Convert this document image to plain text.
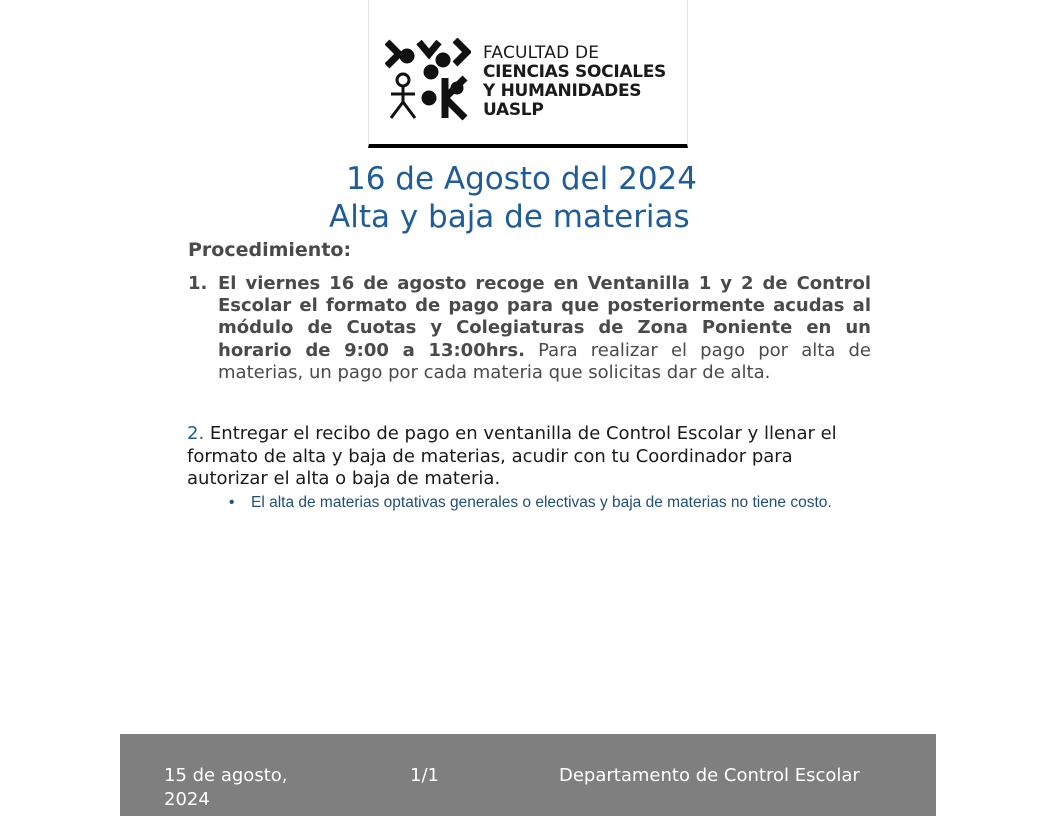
FACULTAD DE
CIENCIAS SOCIALES
Y HUMANIDADES
UASLP
16 de Agosto del 2024
Alta y baja de materias
Procedimiento:
1. El viernes 16 de agosto recoge en Ventanilla 1 y 2 de Control Escolar el formato de pago para que posteriormente acudas al módulo de Cuotas y Colegiaturas de Zona Poniente en un horario de 9:00 a 13:00hrs. Para realizar el pago por alta de materias, un pago por cada materia que solicitas dar de alta.
2. Entregar el recibo de pago en ventanilla de Control Escolar y llenar el formato de alta y baja de materias, acudir con tu Coordinador para autorizar el alta o baja de materia.
• El alta de materias optativas generales o electivas y baja de materias no tiene costo.
15 de agosto, 2024
1/1	Departamento de Control Escolar
